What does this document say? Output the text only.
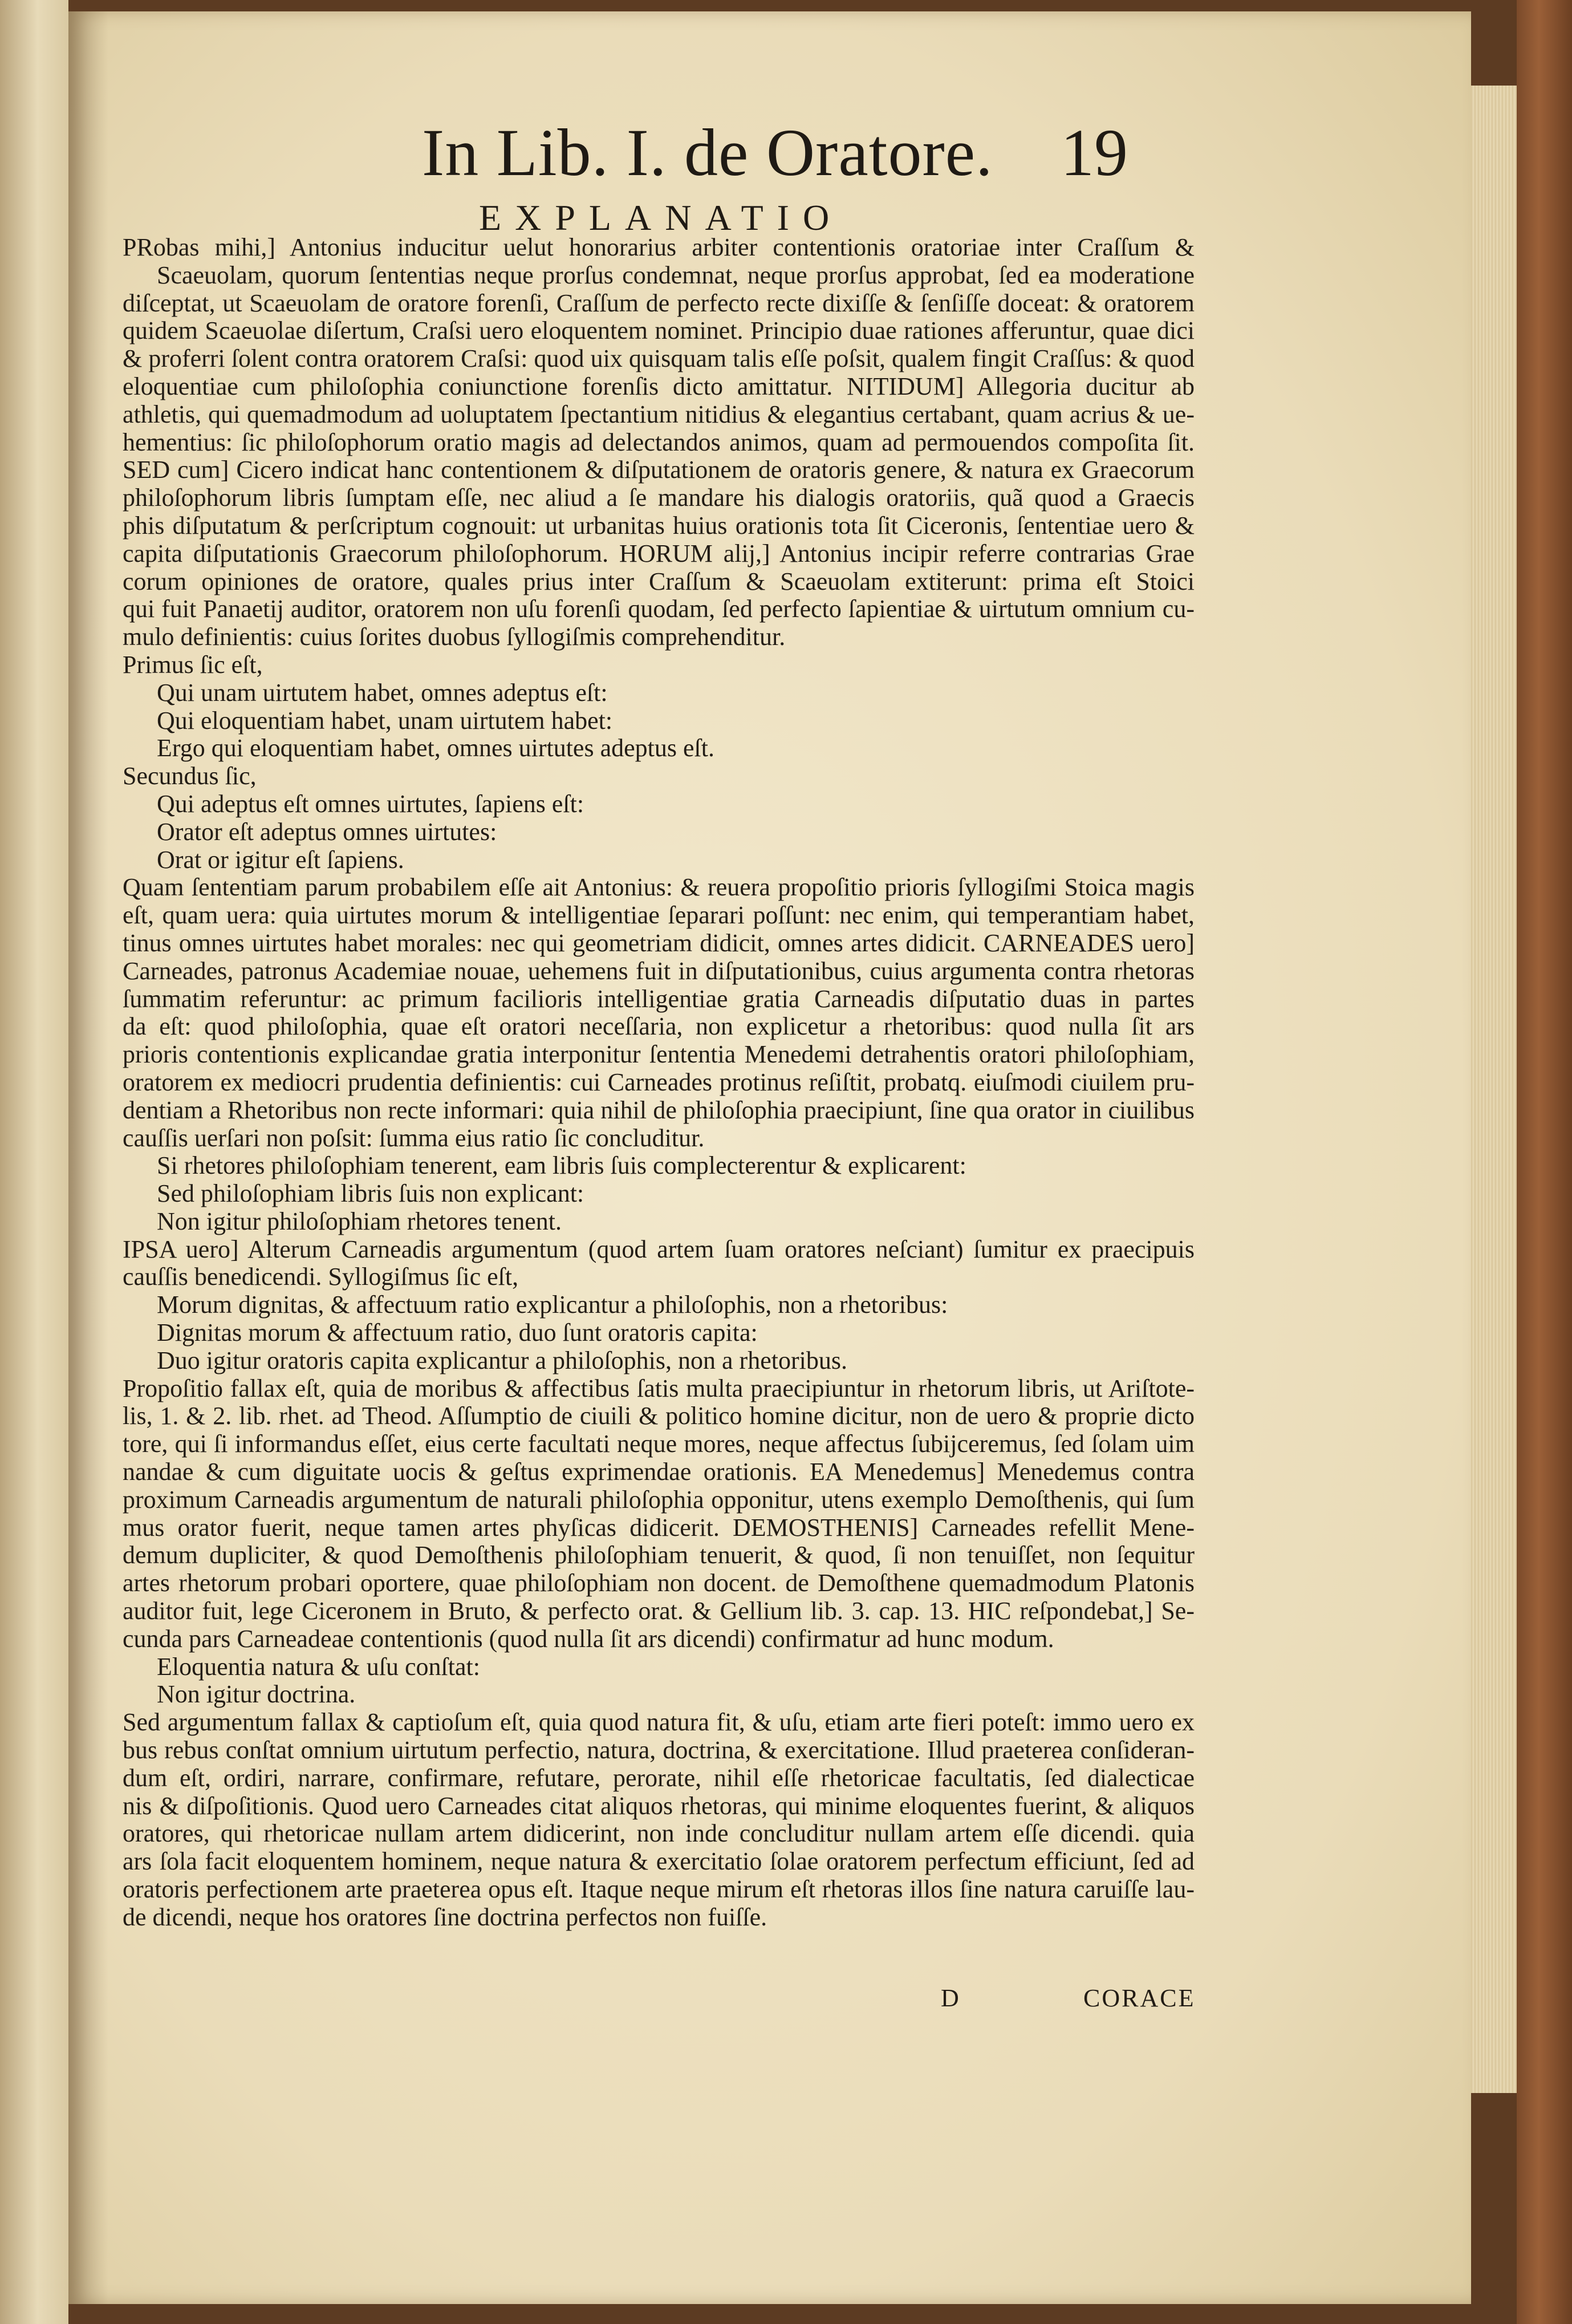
In Lib. I. de Oratore. 19
EXPLANATIO
PRobas mihi,] Antonius inducitur uelut honorarius arbiter contentionis oratoriae inter Craſſum &
Scaeuolam, quorum ſententias neque prorſus condemnat, neque prorſus approbat, ſed ea moderatione
diſceptat, ut Scaeuolam de oratore forenſi, Craſſum de perfecto recte dixiſſe & ſenſiſſe doceat: & oratorem
quidem Scaeuolae diſertum, Craſsi uero eloquentem nominet. Principio duae rationes afferuntur, quae dici
& proferri ſolent contra oratorem Craſsi: quod uix quisquam talis eſſe poſsit, qualem fingit Craſſus: & quod
eloquentiae cum philoſophia coniunctione forenſis dicto amittatur. NITIDUM] Allegoria ducitur ab
athletis, qui quemadmodum ad uoluptatem ſpectantium nitidius & elegantius certabant, quam acrius & ue-
hementius: ſic philoſophorum oratio magis ad delectandos animos, quam ad permouendos compoſita ſit.
SED cum] Cicero indicat hanc contentionem & diſputationem de oratoris genere, & natura ex Graecorum
philoſophorum libris ſumptam eſſe, nec aliud a ſe mandare his dialogis oratoriis, quã quod a Graecis
phis diſputatum & perſcriptum cognouit: ut urbanitas huius orationis tota ſit Ciceronis, ſententiae uero &
capita diſputationis Graecorum philoſophorum. HORUM alij,] Antonius incipir referre contrarias Grae
corum opiniones de oratore, quales prius inter Craſſum & Scaeuolam extiterunt: prima eſt Stoici
qui fuit Panaetij auditor, oratorem non uſu forenſi quodam, ſed perfecto ſapientiae & uirtutum omnium cu-
mulo definientis: cuius ſorites duobus ſyllogiſmis comprehenditur.
Primus ſic eſt,
Qui unam uirtutem habet, omnes adeptus eſt:
Qui eloquentiam habet, unam uirtutem habet:
Ergo qui eloquentiam habet, omnes uirtutes adeptus eſt.
Secundus ſic,
Qui adeptus eſt omnes uirtutes, ſapiens eſt:
Orator eſt adeptus omnes uirtutes:
Orat or igitur eſt ſapiens.
Quam ſententiam parum probabilem eſſe ait Antonius: & reuera propoſitio prioris ſyllogiſmi Stoica magis
eſt, quam uera: quia uirtutes morum & intelligentiae ſeparari poſſunt: nec enim, qui temperantiam habet,
tinus omnes uirtutes habet morales: nec qui geometriam didicit, omnes artes didicit. CARNEADES uero]
Carneades, patronus Academiae nouae, uehemens fuit in diſputationibus, cuius argumenta contra rhetoras
ſummatim referuntur: ac primum facilioris intelligentiae gratia Carneadis diſputatio duas in partes
da eſt: quod philoſophia, quae eſt oratori neceſſaria, non explicetur a rhetoribus: quod nulla ſit ars
prioris contentionis explicandae gratia interponitur ſententia Menedemi detrahentis oratori philoſophiam,
oratorem ex mediocri prudentia definientis: cui Carneades protinus reſiſtit, probatq. eiuſmodi ciuilem pru-
dentiam a Rhetoribus non recte informari: quia nihil de philoſophia praecipiunt, ſine qua orator in ciuilibus
cauſſis uerſari non poſsit: ſumma eius ratio ſic concluditur.
Si rhetores philoſophiam tenerent, eam libris ſuis complecterentur & explicarent:
Sed philoſophiam libris ſuis non explicant:
Non igitur philoſophiam rhetores tenent.
IPSA uero] Alterum Carneadis argumentum (quod artem ſuam oratores neſciant) ſumitur ex praecipuis
cauſſis benedicendi. Syllogiſmus ſic eſt,
Morum dignitas, & affectuum ratio explicantur a philoſophis, non a rhetoribus:
Dignitas morum & affectuum ratio, duo ſunt oratoris capita:
Duo igitur oratoris capita explicantur a philoſophis, non a rhetoribus.
Propoſitio fallax eſt, quia de moribus & affectibus ſatis multa praecipiuntur in rhetorum libris, ut Ariſtote-
lis, 1. & 2. lib. rhet. ad Theod. Aſſumptio de ciuili & politico homine dicitur, non de uero & proprie dicto
tore, qui ſi informandus eſſet, eius certe facultati neque mores, neque affectus ſubijceremus, ſed ſolam uim
nandae & cum diguitate uocis & geſtus exprimendae orationis. EA Menedemus] Menedemus contra
proximum Carneadis argumentum de naturali philoſophia opponitur, utens exemplo Demoſthenis, qui ſum
mus orator fuerit, neque tamen artes phyſicas didicerit. DEMOSTHENIS] Carneades refellit Mene-
demum dupliciter, & quod Demoſthenis philoſophiam tenuerit, & quod, ſi non tenuiſſet, non ſequitur
artes rhetorum probari oportere, quae philoſophiam non docent. de Demoſthene quemadmodum Platonis
auditor fuit, lege Ciceronem in Bruto, & perfecto orat. & Gellium lib. 3. cap. 13. HIC reſpondebat,] Se-
cunda pars Carneadeae contentionis (quod nulla ſit ars dicendi) confirmatur ad hunc modum.
Eloquentia natura & uſu conſtat:
Non igitur doctrina.
Sed argumentum fallax & captioſum eſt, quia quod natura fit, & uſu, etiam arte fieri poteſt: immo uero ex
bus rebus conſtat omnium uirtutum perfectio, natura, doctrina, & exercitatione. Illud praeterea conſideran-
dum eſt, ordiri, narrare, confirmare, refutare, perorate, nihil eſſe rhetoricae facultatis, ſed dialecticae
nis & diſpoſitionis. Quod uero Carneades citat aliquos rhetoras, qui minime eloquentes fuerint, & aliquos
oratores, qui rhetoricae nullam artem didicerint, non inde concluditur nullam artem eſſe dicendi. quia
ars ſola facit eloquentem hominem, neque natura & exercitatio ſolae oratorem perfectum efficiunt, ſed ad
oratoris perfectionem arte praeterea opus eſt. Itaque neque mirum eſt rhetoras illos ſine natura caruiſſe lau-
de dicendi, neque hos oratores ſine doctrina perfectos non fuiſſe.
D	CORACE
